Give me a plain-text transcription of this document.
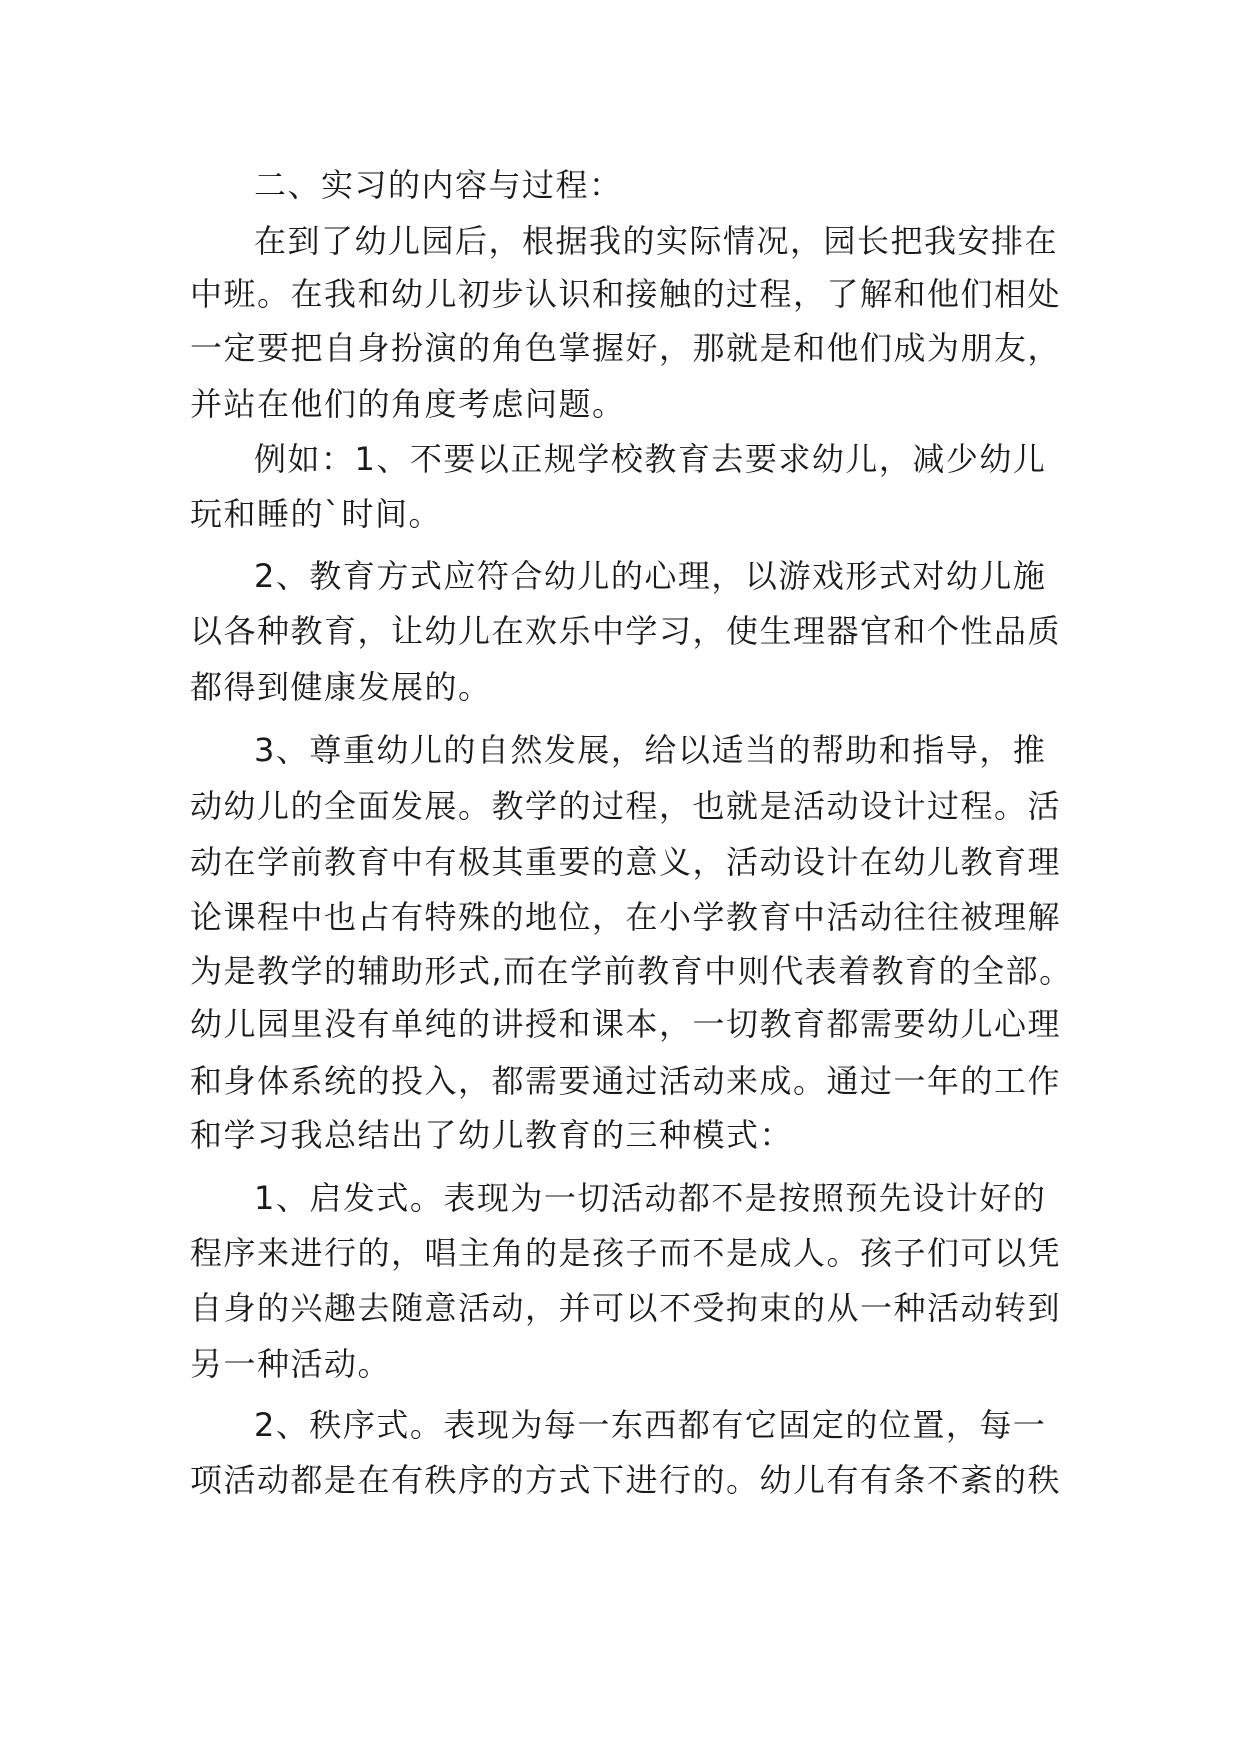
二、实习的内容与过程：
在到了幼儿园后，根据我的实际情况，园长把我安排在
中班。在我和幼儿初步认识和接触的过程，了解和他们相处
一定要把自身扮演的角色掌握好，那就是和他们成为朋友，
并站在他们的角度考虑问题。
例如：1、不要以正规学校教育去要求幼儿，减少幼儿
玩和睡的`时间。
2、教育方式应符合幼儿的心理，以游戏形式对幼儿施
以各种教育，让幼儿在欢乐中学习，使生理器官和个性品质
都得到健康发展的。
3、尊重幼儿的自然发展，给以适当的帮助和指导，推
动幼儿的全面发展。教学的过程，也就是活动设计过程。活
动在学前教育中有极其重要的意义，活动设计在幼儿教育理
论课程中也占有特殊的地位，在小学教育中活动往往被理解
为是教学的辅助形式,而在学前教育中则代表着教育的全部。
幼儿园里没有单纯的讲授和课本，一切教育都需要幼儿心理
和身体系统的投入，都需要通过活动来成。通过一年的工作
和学习我总结出了幼儿教育的三种模式：
1、启发式。表现为一切活动都不是按照预先设计好的
程序来进行的，唱主角的是孩子而不是成人。孩子们可以凭
自身的兴趣去随意活动，并可以不受拘束的从一种活动转到
另一种活动。
2、秩序式。表现为每一东西都有它固定的位置，每一
项活动都是在有秩序的方式下进行的。幼儿有有条不紊的秩
